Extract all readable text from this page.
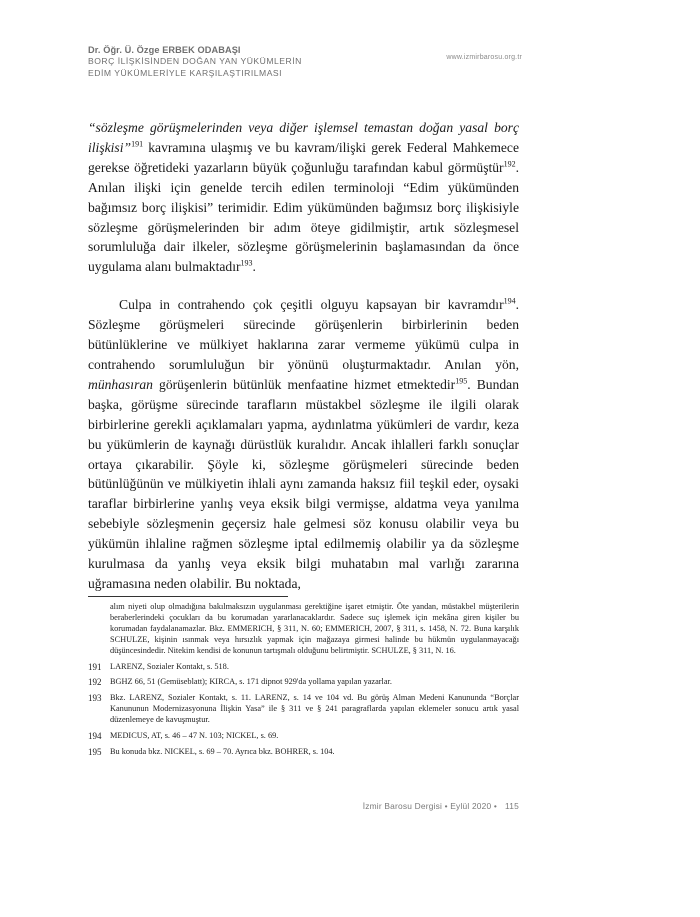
Dr. Öğr. Ü. Özge ERBEK ODABAŞI
BORÇ İLİŞKİSİNDEN DOĞAN YAN YÜKÜMLERİN
EDİM YÜKÜMLERİYLE KARŞILAŞTIRILMASI
www.izmirbarosu.org.tr

“sözleşme görüşmelerinden veya diğer işlemsel temastan doğan yasal borç ilişkisi”$^{191}$ kavramına ulaşmış ve bu kavram/ilişki gerek Federal Mahkemece gerekse öğretideki yazarların büyük çoğunluğu tarafından kabul görmüştür$^{192}$. Anılan ilişki için genelde tercih edilen terminoloji “Edim yükümünden bağımsız borç ilişkisi” terimidir. Edim yükümünden bağımsız borç ilişkisiyle sözleşme görüşmelerinden bir adım öteye gidilmiştir, artık sözleşmesel sorumluluğa dair ilkeler, sözleşme görüşmelerinin başlamasından da önce uygulama alanı bulmaktadır$^{193}$.

Culpa in contrahendo çok çeşitli olguyu kapsayan bir kavramdır$^{194}$. Sözleşme görüşmeleri sürecinde görüşenlerin birbirlerinin beden bütünlüklerine ve mülkiyet haklarına zarar vermeme yükümü culpa in contrahendo sorumluluğun bir yönünü oluşturmaktadır. Anılan yön, münhasıran görüşenlerin bütünlük menfaatine hizmet etmektedir$^{195}$. Bundan başka, görüşme sürecinde tarafların müstakbel sözleşme ile ilgili olarak birbirlerine gerekli açıklamaları yapma, aydınlatma yükümleri de vardır, keza bu yükümlerin de kaynağı dürüstlük kuralıdır. Ancak ihlalleri farklı sonuçlar ortaya çıkarabilir. Şöyle ki, sözleşme görüşmeleri sürecinde beden bütünlüğünün ve mülkiyetin ihlali aynı zamanda haksız fiil teşkil eder, oysaki taraflar birbirlerine yanlış veya eksik bilgi vermişse, aldatma veya yanılma sebebiyle sözleşmenin geçersiz hale gelmesi söz konusu olabilir veya bu yükümün ihlaline rağmen sözleşme iptal edilmemiş olabilir ya da sözleşme kurulmasa da yanlış veya eksik bilgi muhatabın mal varlığı zararına uğramasına neden olabilir. Bu noktada,

alım niyeti olup olmadığına bakılmaksızın uygulanması gerektiğine işaret etmiştir. Öte yandan, müstakbel müşterilerin beraberlerindeki çocukları da bu korumadan yararlanacaklardır. Sadece suç işlemek için mekâna giren kişiler bu korumadan faydalanamazlar. Bkz. EMMERICH, § 311, N. 60; EMMERICH, 2007, § 311, s. 1458, N. 72. Buna karşılık SCHULZE, kişinin ısınmak veya hırsızlık yapmak için mağazaya girmesi halinde bu hükmün uygulanmayacağı düşüncesindedir. Nitekim kendisi de konunun tartışmalı olduğunu belirtmiştir. SCHULZE, § 311, N. 16.

191	LARENZ, Sozialer Kontakt, s. 518.
192	BGHZ 66, 51 (Gemüseblatt); KIRCA, s. 171 dipnot 929'da yollama yapılan yazarlar.
193	Bkz. LARENZ, Sozialer Kontakt, s. 11. LARENZ, s. 14 ve 104 vd. Bu görüş Alman Medeni Kanununda “Borçlar Kanununun Modernizasyonuna İlişkin Yasa” ile § 311 ve § 241 paragraflarda yapılan eklemeler sonucu artık yasal düzenlemeye de kavuşmuştur.
194	MEDICUS, AT, s. 46 – 47 N. 103; NICKEL, s. 69.
195	Bu konuda bkz. NICKEL, s. 69 – 70. Ayrıca bkz. BOHRER, s. 104.
İzmir Barosu Dergisi • Eylül 2020 • 115
